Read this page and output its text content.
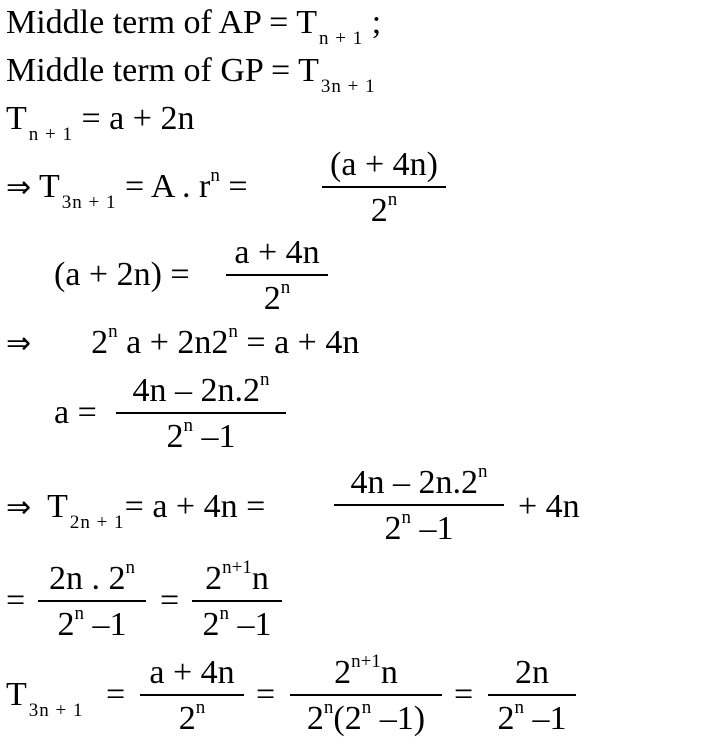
Middle term of AP = T $_{n + 1}$ ;
Middle term of GP = T $_{3n + 1}$
T $_{n + 1}$ = a + 2n
⇒ T $_{3n + 1}$ = A . $r^n = \frac{(a + 4n)}{2^n}$
$(a + 2n) = \frac{a + 4n}{2^n}$
⇒ 2$^n$ $a + 2n2^n = a + 4n$
$a = \frac{4n - 2n.2^n}{2^n -1}$
⇒ T $_{2n + 1}= a + 4n = \frac{4n - 2n.2^n}{2^n -1} + 4n$
= $\frac{2n . 2^n}{2^n -1} = \frac{2^{n+1}n}{2^n -1}$
T $_{3n + 1} = \frac{a + 4n}{2^n} = \frac{2^{n+1}n}{2^n(2^n -1)} = \frac{2n}{2^n -1}$
